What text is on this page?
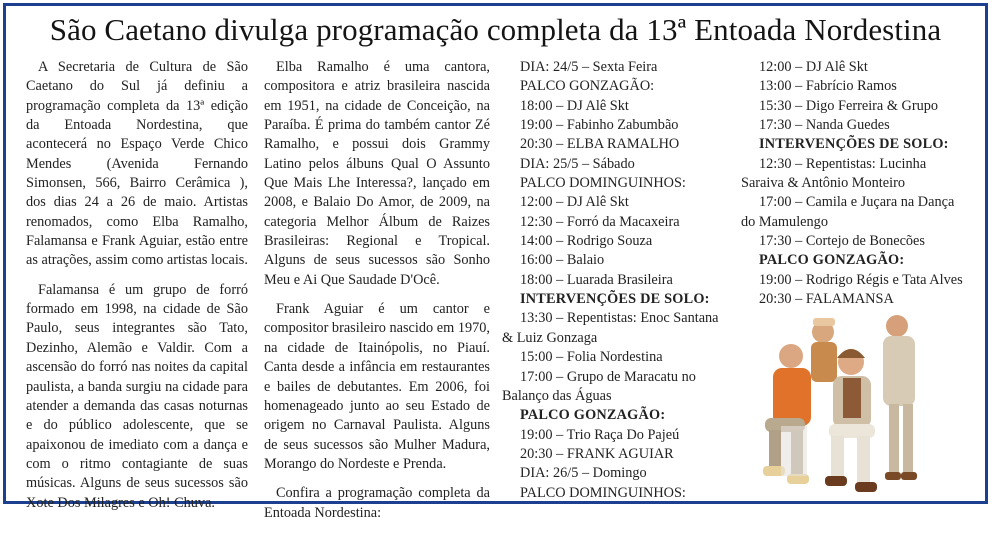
São Caetano divulga programação completa da 13ª Entoada Nordestina

A Secretaria de Cultura de São Caetano do Sul já definiu a programação completa da 13ª edição da Entoada Nordestina, que acontecerá no Espaço Verde Chico Mendes (Avenida Fernando Simonsen, 566, Bairro Cerâmica ), dos dias 24 a 26 de maio. Artistas renomados, como Elba Ramalho, Falamansa e Frank Aguiar, estão entre as atrações, assim como artistas locais.

Falamansa é um grupo de forró formado em 1998, na cidade de São Paulo, seus integrantes são Tato, Dezinho, Alemão e Valdir. Com a ascensão do forró nas noites da capital paulista, a banda surgiu na cidade para atender a demanda das casas noturnas e do público adolescente, que se apaixonou de imediato com a dança e com o ritmo contagiante de suas músicas. Alguns de seus sucessos são Xote Dos Milagres e Oh! Chuva.

Elba Ramalho é uma cantora, compositora e atriz brasileira nascida em 1951, na cidade de Conceição, na Paraíba. É prima do também cantor Zé Ramalho, e possui dois Grammy Latino pelos álbuns Qual O Assunto Que Mais Lhe Interessa?, lançado em 2008, e Balaio Do Amor, de 2009, na categoria Melhor Álbum de Raizes Brasileiras: Regional e Tropical. Alguns de seus sucessos são Sonho Meu e Ai Que Saudade D'Ocê.

Frank Aguiar é um cantor e compositor brasileiro nascido em 1970, na cidade de Itainópolis, no Piauí. Canta desde a infância em restaurantes e bailes de debutantes. Em 2006, foi homenageado junto ao seu Estado de origem no Carnaval Paulista. Alguns de seus sucessos são Mulher Madura, Morango do Nordeste e Prenda.

Confira a programação completa da Entoada Nordestina:

DIA: 24/5 – Sexta Feira
PALCO GONZAGÃO:
18:00 – DJ Alê Skt
19:00 – Fabinho Zabumbão
20:30 – ELBA RAMALHO
DIA: 25/5 – Sábado
PALCO DOMINGUINHOS:
12:00 – DJ Alê Skt
12:30 – Forró da Macaxeira
14:00 – Rodrigo Souza
16:00 – Balaio
18:00 – Luarada Brasileira
INTERVENÇÕES DE SOLO:
13:30 – Repentistas: Enoc Santana & Luiz Gonzaga
15:00 – Folia Nordestina
17:00 – Grupo de Maracatu no Balanço das Águas
PALCO GONZAGÃO:
19:00 – Trio Raça Do Pajeú
20:30 – FRANK AGUIAR
DIA: 26/5 – Domingo
PALCO DOMINGUINHOS:
12:00 – DJ Alê Skt
13:00 – Fabrício Ramos
15:30 – Digo Ferreira & Grupo
17:30 – Nanda Guedes
INTERVENÇÕES DE SOLO:
12:30 – Repentistas: Lucinha Saraiva & Antônio Monteiro
17:00 – Camila e Juçara na Dança do Mamulengo
17:30 – Cortejo de Bonecões
PALCO GONZAGÃO:
19:00 – Rodrigo Régis e Tata Alves
20:30 – FALAMANSA
